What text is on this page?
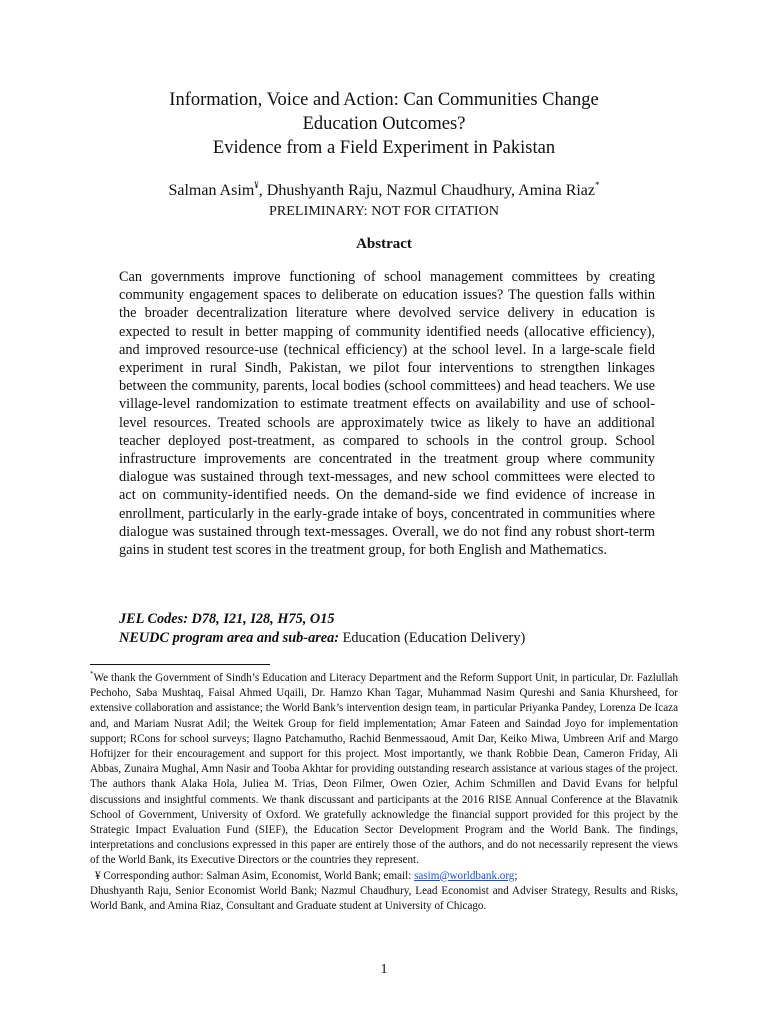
Information, Voice and Action: Can Communities Change
Education Outcomes?
Evidence from a Field Experiment in Pakistan
Salman Asim¥, Dhushyanth Raju, Nazmul Chaudhury, Amina Riaz*
PRELIMINARY: NOT FOR CITATION
Abstract
Can governments improve functioning of school management committees by creating community engagement spaces to deliberate on education issues? The question falls within the broader decentralization literature where devolved service delivery in education is expected to result in better mapping of community identified needs (allocative efficiency), and improved resource-use (technical efficiency) at the school level. In a large-scale field experiment in rural Sindh, Pakistan, we pilot four interventions to strengthen linkages between the community, parents, local bodies (school committees) and head teachers. We use village-level randomization to estimate treatment effects on availability and use of school-level resources. Treated schools are approximately twice as likely to have an additional teacher deployed post-treatment, as compared to schools in the control group. School infrastructure improvements are concentrated in the treatment group where community dialogue was sustained through text-messages, and new school committees were elected to act on community-identified needs. On the demand-side we find evidence of increase in enrollment, particularly in the early-grade intake of boys, concentrated in communities where dialogue was sustained through text-messages. Overall, we do not find any robust short-term gains in student test scores in the treatment group, for both English and Mathematics.
JEL Codes: D78, I21, I28, H75, O15
NEUDC program area and sub-area: Education (Education Delivery)

*We thank the Government of Sindh’s Education and Literacy Department and the Reform Support Unit, in particular, Dr. Fazlullah Pechoho, Saba Mushtaq, Faisal Ahmed Uqaili, Dr. Hamzo Khan Tagar, Muhammad Nasim Qureshi and Sania Khursheed, for extensive collaboration and assistance; the World Bank’s intervention design team, in particular Priyanka Pandey, Lorenza De Icaza and, and Mariam Nusrat Adil; the Weitek Group for field implementation; Amar Fateen and Saindad Joyo for implementation support; RCons for school surveys; Ilagno Patchamutho, Rachid Benmessaoud, Amit Dar, Keiko Miwa, Umbreen Arif and Margo Hoftijzer for their encouragement and support for this project. Most importantly, we thank Robbie Dean, Cameron Friday, Ali Abbas, Zunaira Mughal, Amn Nasir and Tooba Akhtar for providing outstanding research assistance at various stages of the project. The authors thank Alaka Hola, Juliea M. Trias, Deon Filmer, Owen Ozier, Achim Schmillen and David Evans for helpful discussions and insightful comments. We thank discussant and participants at the 2016 RISE Annual Conference at the Blavatnik School of Government, University of Oxford. We gratefully acknowledge the financial support provided for this project by the Strategic Impact Evaluation Fund (SIEF), the Education Sector Development Program and the World Bank. The findings, interpretations and conclusions expressed in this paper are entirely those of the authors, and do not necessarily represent the views of the World Bank, its Executive Directors or the countries they represent.

¥ Corresponding author: Salman Asim, Economist, World Bank; email: sasim@worldbank.org;

Dhushyanth Raju, Senior Economist World Bank; Nazmul Chaudhury, Lead Economist and Adviser Strategy, Results and Risks, World Bank, and Amina Riaz, Consultant and Graduate student at University of Chicago.

1
